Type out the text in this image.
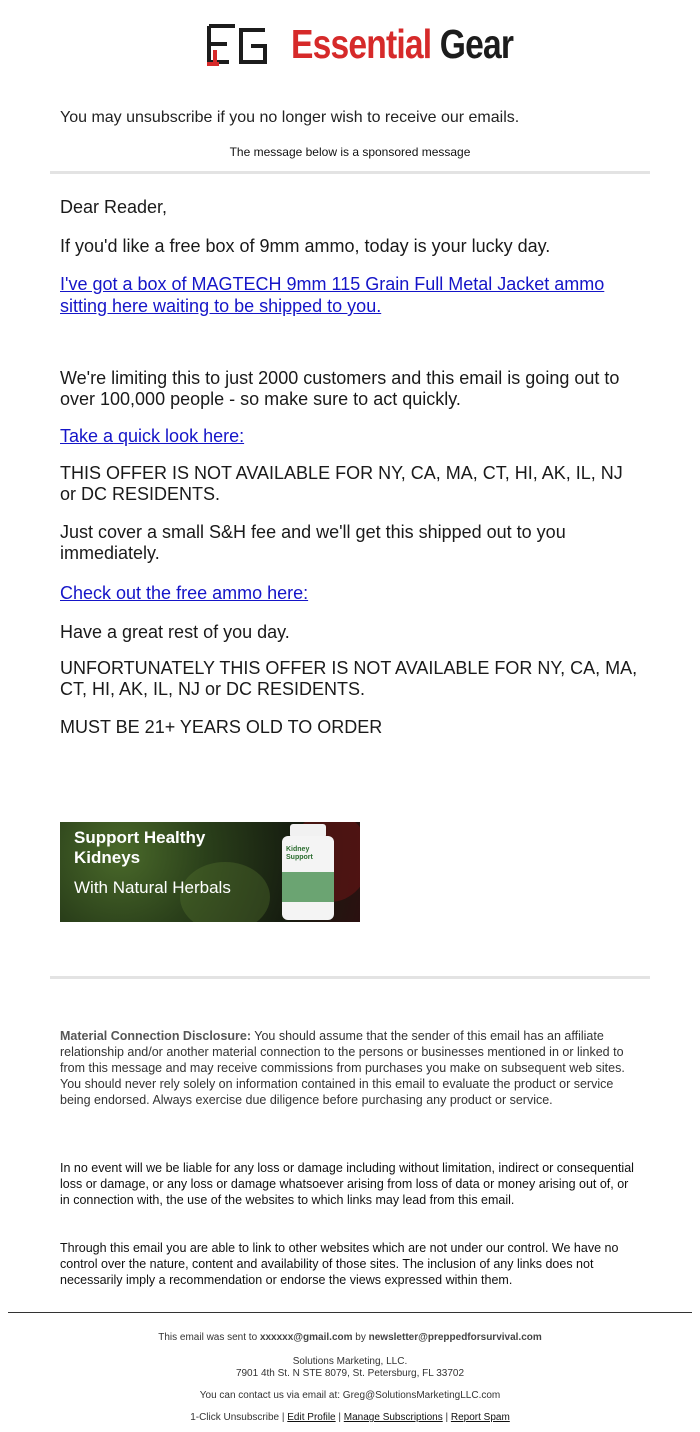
Essential Gear
You may unsubscribe if you no longer wish to receive our emails.
The message below is a sponsored message

Dear Reader,

If you'd like a free box of 9mm ammo, today is your lucky day.

I've got a box of MAGTECH 9mm 115 Grain Full Metal Jacket ammo sitting here waiting to be shipped to you.

We're limiting this to just 2000 customers and this email is going out to over 100,000 people - so make sure to act quickly.

Take a quick look here:

THIS OFFER IS NOT AVAILABLE FOR NY, CA, MA, CT, HI, AK, IL, NJ or DC RESIDENTS.

Just cover a small S&H fee and we'll get this shipped out to you immediately.

Check out the free ammo here:

Have a great rest of you day.

UNFORTUNATELY THIS OFFER IS NOT AVAILABLE FOR NY, CA, MA, CT, HI, AK, IL, NJ or DC RESIDENTS.

MUST BE 21+ YEARS OLD TO ORDER

Support Healthy Kidneys
With Natural Herbals
Kidney Support

Material Connection Disclosure: You should assume that the sender of this email has an affiliate relationship and/or another material connection to the persons or businesses mentioned in or linked to from this message and may receive commissions from purchases you make on subsequent web sites. You should never rely solely on information contained in this email to evaluate the product or service being endorsed. Always exercise due diligence before purchasing any product or service.

In no event will we be liable for any loss or damage including without limitation, indirect or consequential loss or damage, or any loss or damage whatsoever arising from loss of data or money arising out of, or in connection with, the use of the websites to which links may lead from this email.

Through this email you are able to link to other websites which are not under our control. We have no control over the nature, content and availability of those sites. The inclusion of any links does not necessarily imply a recommendation or endorse the views expressed within them.

This email was sent to xxxxxx@gmail.com by newsletter@preppedforsurvival.com
Solutions Marketing, LLC.
7901 4th St. N STE 8079, St. Petersburg, FL 33702
You can contact us via email at: Greg@SolutionsMarketingLLC.com
1-Click Unsubscribe | Edit Profile | Manage Subscriptions | Report Spam
